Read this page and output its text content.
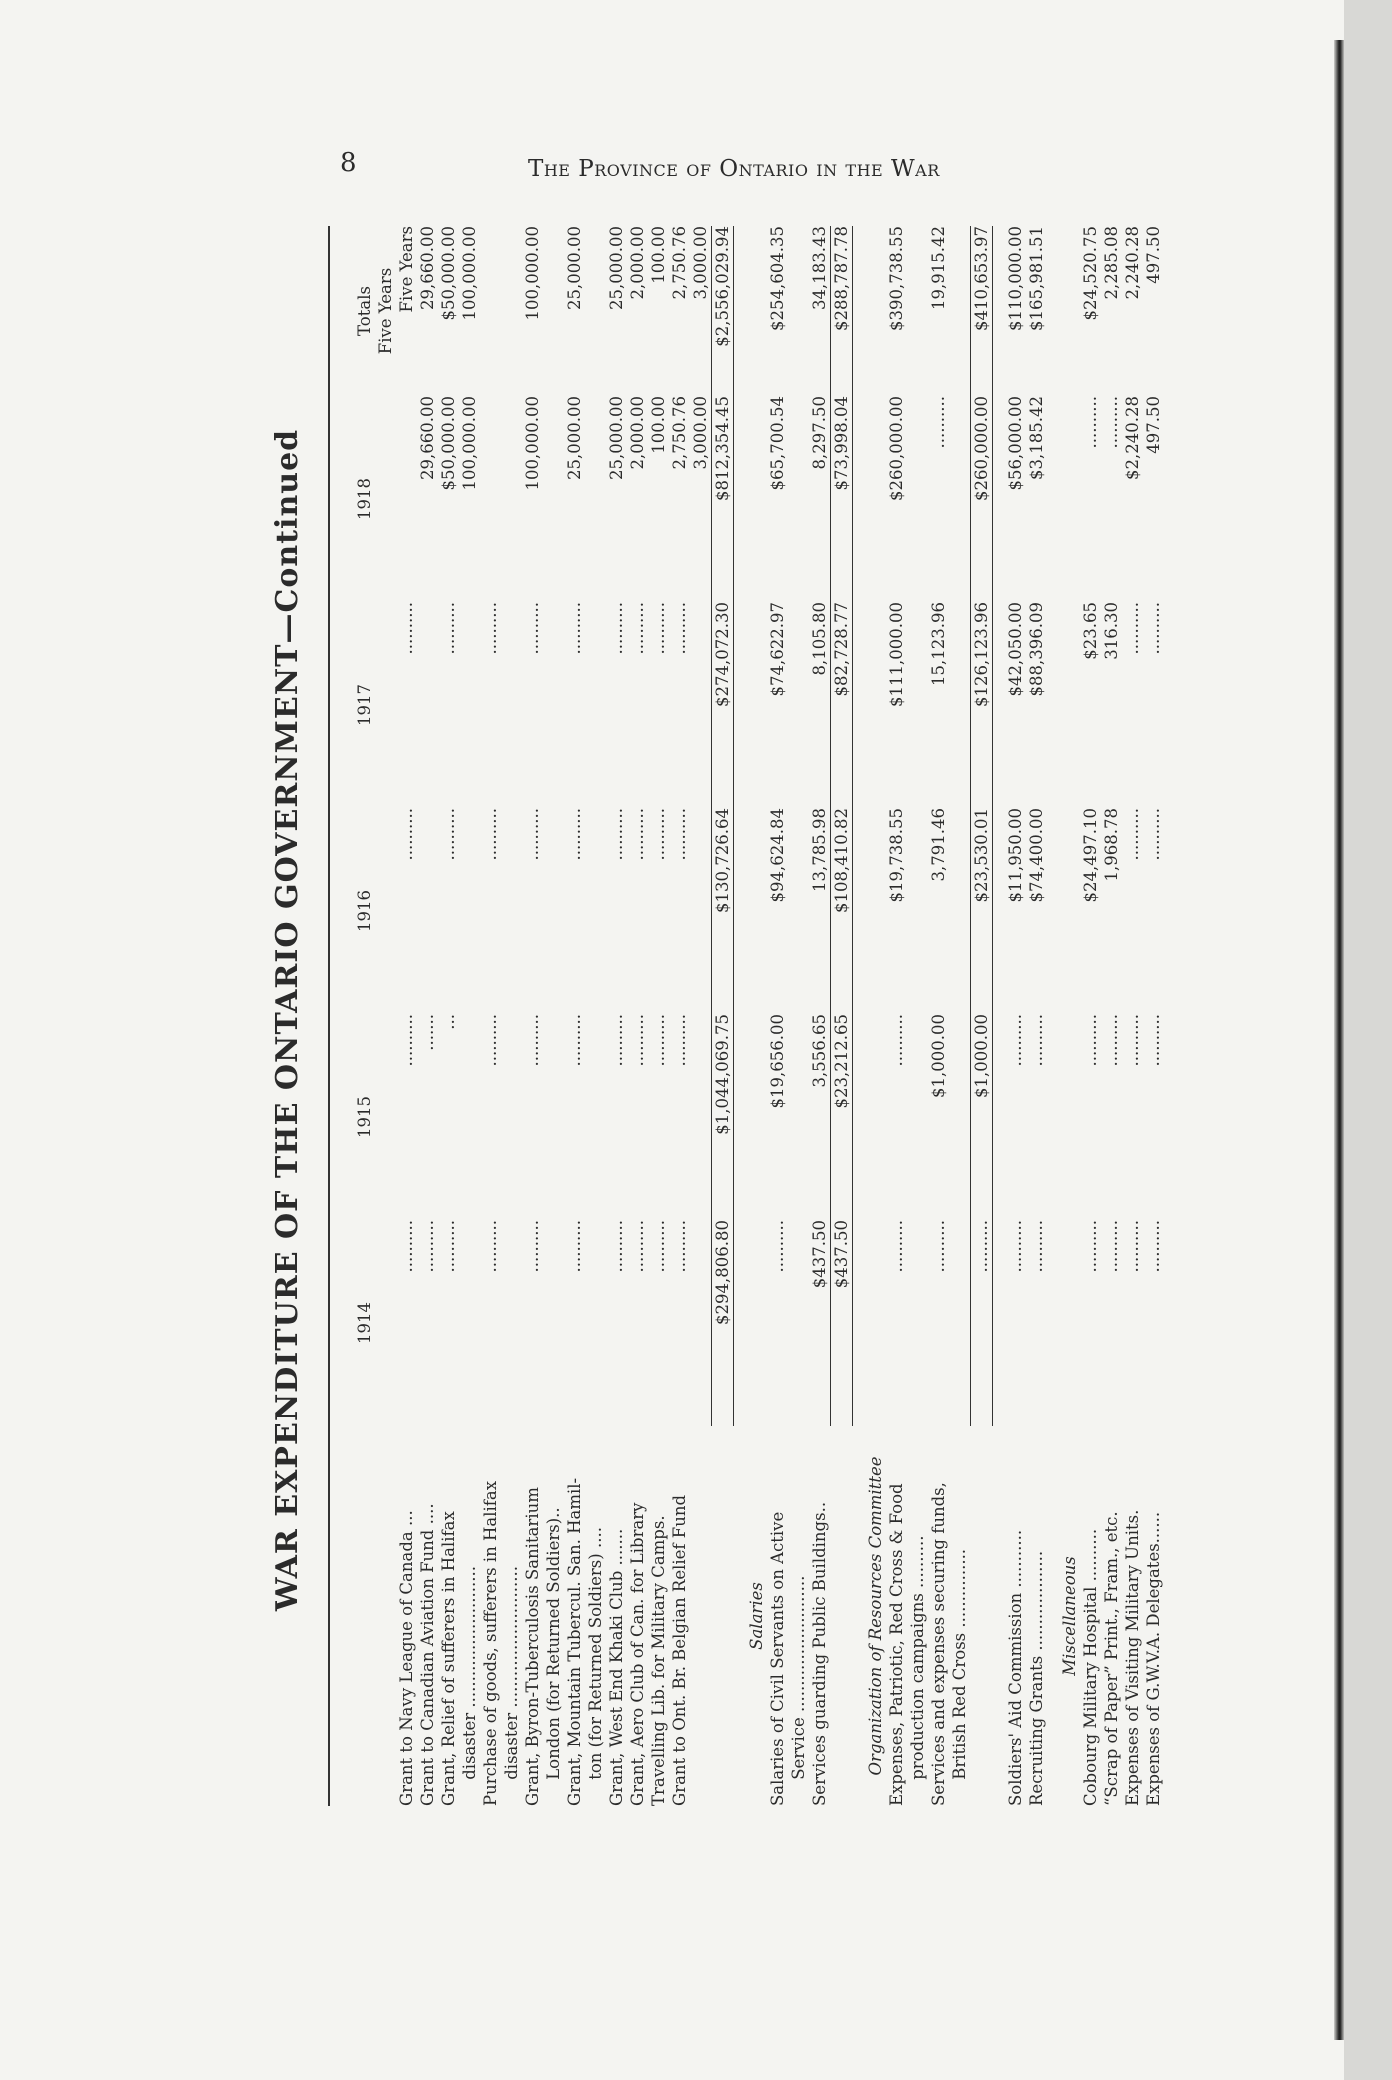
8	The Province of Ontario in the War
WAR EXPENDITURE OF THE ONTARIO GOVERNMENT—Continued	1914
1915
1916
1917
1918
Totals
Five Years
Grant to Navy League of Canada ...
..........
..........
..........
..........
Five Years
Grant to Canadian Aviation Fund ....
..........
.......
29,660.00
29,660.00
Grant, Relief of sufferers in Halifax
disaster ...........................
..........
...
..........
..........
$50,000.00
100,000.00
$50,000.00
100,000.00
Purchase of goods, sufferers in Halifax
disaster ...........................
..........
..........
..........
..........
Grant, Byron-Tuberculosis Sanitarium
London (for Returned Soldiers)..
..........
..........
..........
..........
100,000.00
100,000.00
Grant, Mountain Tubercul. San. Hamil-
ton (for Returned Soldiers) ....
..........
..........
..........
..........
25,000.00
25,000.00
Grant, West End Khaki Club .......
..........
..........
..........
..........
25,000.00
25,000.00
Grant, Aero Club of Can. for Library
..........
..........
..........
..........
2,000.00
2,000.00
Travelling Lib. for Military Camps.
..........
..........
..........
..........
100.00
100.00
Grant to Ont. Br. Belgian Relief Fund
..........
..........
..........
..........
2,750.76
3,000.00
2,750.76
3,000.00
$294,806.80
$1,044,069.75
$130,726.64
$274,072.30
$812,354.45
$2,556,029.94
Salaries
Salaries of Civil Servants on Active
Service ..........................
..........
$19,656.00
$94,624.84
$74,622.97
$65,700.54
$254,604.35
Services guarding Public Buildings..
$437.50
3,556.65
13,785.98
8,105.80
8,297.50
34,183.43
$437.50
$23,212.65
$108,410.82
$82,728.77
$73,998.04
$288,787.78
Organization of Resources Committee Expenses, Patriotic, Red Cross & Food
production campaigns ..........
..........
..........
$19,738.55
$111,000.00
$260,000.00
$390,738.55
Services and expenses securing funds,
British Red Cross ...............
..........
$1,000.00
3,791.46
15,123.96
..........
19,915.42
..........
$1,000.00
$23,530.01
$126,123.96
$260,000.00
$410,653.97
Soldiers' Aid Commission ...........
..........
..........
$11,950.00
$42,050.00
$56,000.00
$110,000.00
Recruiting Grants ...................
..........
..........
$74,400.00
$88,396.09
$3,185.42
$165,981.51
Miscellaneous Cobourg Military Hospital ..........
..........
..........
$24,497.10
$23.65
..........
$24,520.75
“Scrap of Paper” Print., Fram., etc.
..........
..........
1,968.78
316.30
..........
2,285.08
Expenses of Visiting Military Units.
..........
..........
..........
..........
$2,240.28
2,240.28
Expenses of G.W.V.A. Delegates......
..........
..........
..........
..........
497.50
497.50
